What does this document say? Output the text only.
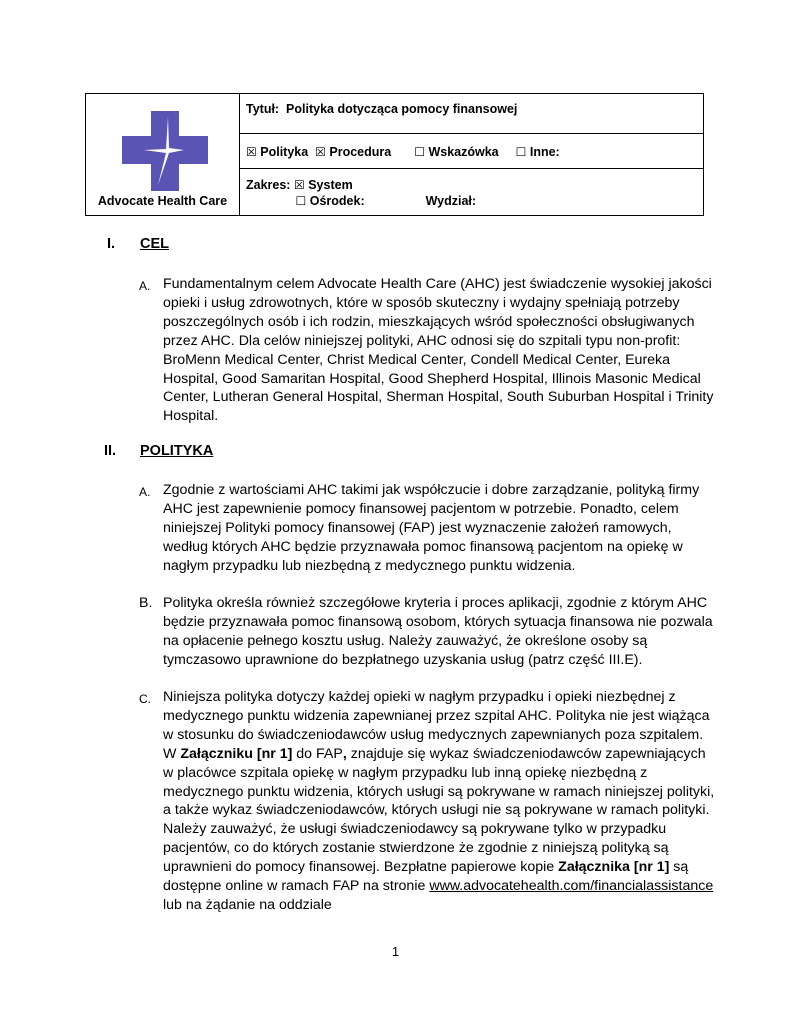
Advocate Health Care
Tytuł: Polityka dotycząca pomocy finansowej
☒ Polityka ☒ Procedura ☐ Wskazówka ☐ Inne:
Zakres: ☒ System
☐ Ośrodek:	Wydział:
I. CEL
A. Fundamentalnym celem Advocate Health Care (AHC) jest świadczenie wysokiej jakości opieki i usług zdrowotnych, które w sposób skuteczny i wydajny spełniają potrzeby poszczególnych osób i ich rodzin, mieszkających wśród społeczności obsługiwanych przez AHC. Dla celów niniejszej polityki, AHC odnosi się do szpitali typu non-profit: BroMenn Medical Center, Christ Medical Center, Condell Medical Center, Eureka Hospital, Good Samaritan Hospital, Good Shepherd Hospital, Illinois Masonic Medical Center, Lutheran General Hospital, Sherman Hospital, South Suburban Hospital i Trinity Hospital.
II. POLITYKA
A. Zgodnie z wartościami AHC takimi jak współczucie i dobre zarządzanie, polityką firmy AHC jest zapewnienie pomocy finansowej pacjentom w potrzebie. Ponadto, celem niniejszej Polityki pomocy finansowej (FAP) jest wyznaczenie założeń ramowych, według których AHC będzie przyznawała pomoc finansową pacjentom na opiekę w nagłym przypadku lub niezbędną z medycznego punktu widzenia.
B. Polityka określa również szczegółowe kryteria i proces aplikacji, zgodnie z którym AHC będzie przyznawała pomoc finansową osobom, których sytuacja finansowa nie pozwala na opłacenie pełnego kosztu usług. Należy zauważyć, że określone osoby są tymczasowo uprawnione do bezpłatnego uzyskania usług (patrz część III.E).
C. Niniejsza polityka dotyczy każdej opieki w nagłym przypadku i opieki niezbędnej z medycznego punktu widzenia zapewnianej przez szpital AHC. Polityka nie jest wiążąca w stosunku do świadczeniodawców usług medycznych zapewnianych poza szpitalem. W Załączniku [nr 1] do FAP, znajduje się wykaz świadczeniodawców zapewniających w placówce szpitala opiekę w nagłym przypadku lub inną opiekę niezbędną z medycznego punktu widzenia, których usługi są pokrywane w ramach niniejszej polityki, a także wykaz świadczeniodawców, których usługi nie są pokrywane w ramach polityki. Należy zauważyć, że usługi świadczeniodawcy są pokrywane tylko w przypadku pacjentów, co do których zostanie stwierdzone że zgodnie z niniejszą polityką są uprawnieni do pomocy finansowej. Bezpłatne papierowe kopie Załącznika [nr 1] są dostępne online w ramach FAP na stronie www.advocatehealth.com/financialassistance lub na żądanie na oddziale
1
